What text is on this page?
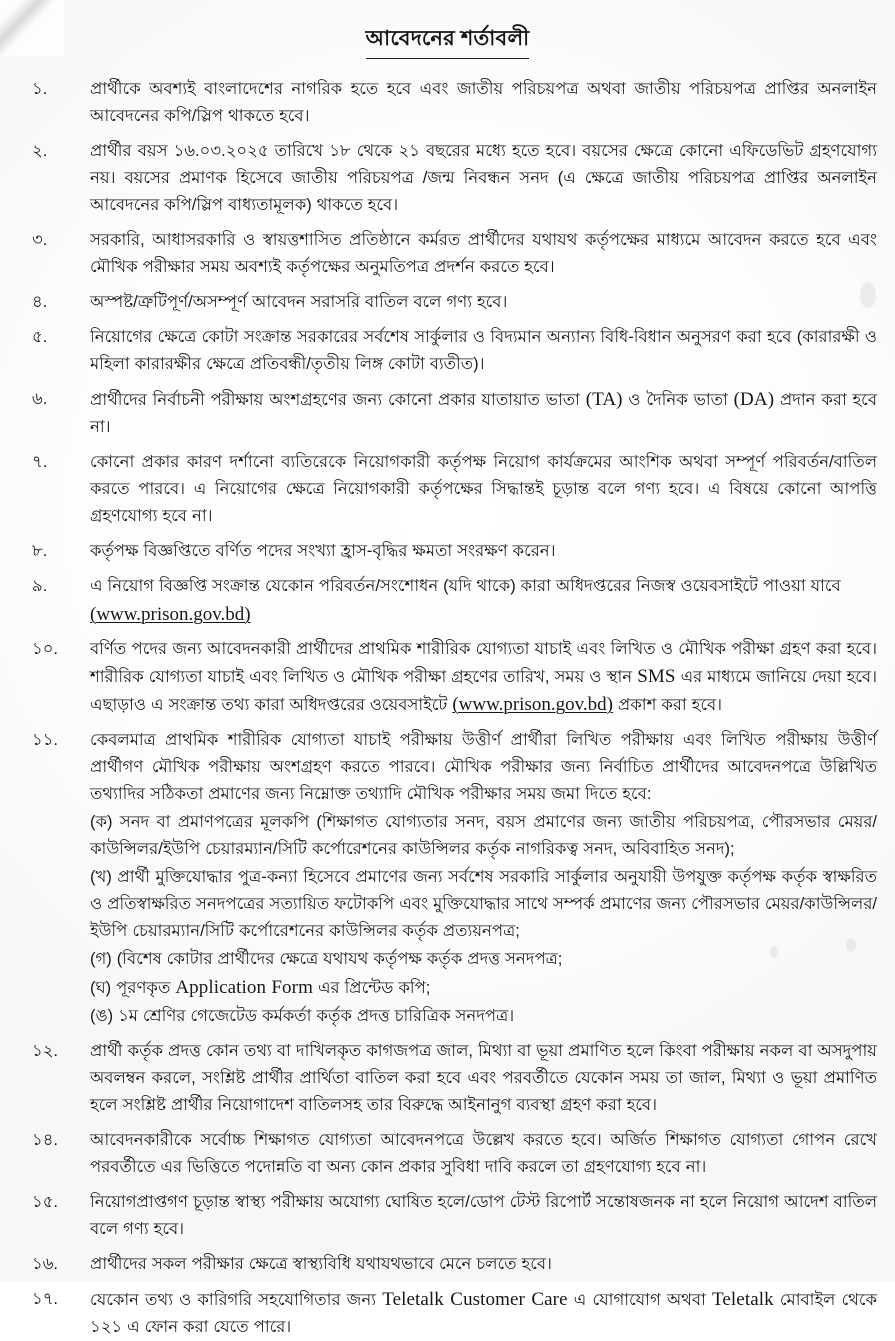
আবেদনের শর্তাবলী
১.	প্রার্থীকে অবশ্যই বাংলাদেশের নাগরিক হতে হবে এবং জাতীয় পরিচয়পত্র অথবা জাতীয় পরিচয়পত্র প্রাপ্তির অনলাইন আবেদনের কপি/স্লিপ থাকতে হবে।

২.	প্রার্থীর বয়স ১৬.০৩.২০২৫ তারিখে ১৮ থেকে ২১ বছরের মধ্যে হতে হবে। বয়সের ক্ষেত্রে কোনো এফিডেভিট গ্রহণযোগ্য নয়। বয়সের প্রমাণক হিসেবে জাতীয় পরিচয়পত্র /জন্ম নিবন্ধন সনদ (এ ক্ষেত্রে জাতীয় পরিচয়পত্র প্রাপ্তির অনলাইন আবেদনের কপি/স্লিপ বাধ্যতামূলক) থাকতে হবে।

৩.	সরকারি, আধাসরকারি ও স্বায়ত্তশাসিত প্রতিষ্ঠানে কর্মরত প্রার্থীদের যথাযথ কর্তৃপক্ষের মাধ্যমে আবেদন করতে হবে এবং মৌখিক পরীক্ষার সময় অবশ্যই কর্তৃপক্ষের অনুমতিপত্র প্রদর্শন করতে হবে।

৪.	অস্পষ্ট/ত্রুটিপূর্ণ/অসম্পূর্ণ আবেদন সরাসরি বাতিল বলে গণ্য হবে।

৫.	নিয়োগের ক্ষেত্রে কোটা সংক্রান্ত সরকারের সর্বশেষ সার্কুলার ও বিদ্যমান অন্যান্য বিধি-বিধান অনুসরণ করা হবে (কারারক্ষী ও মহিলা কারারক্ষীর ক্ষেত্রে প্রতিবন্ধী/তৃতীয় লিঙ্গ কোটা ব্যতীত)।

৬.	প্রার্থীদের নির্বাচনী পরীক্ষায় অংশগ্রহণের জন্য কোনো প্রকার যাতায়াত ভাতা (TA) ও দৈনিক ভাতা (DA) প্রদান করা হবে না।

৭.	কোনো প্রকার কারণ দর্শানো ব্যতিরেকে নিয়োগকারী কর্তৃপক্ষ নিয়োগ কার্যক্রমের আংশিক অথবা সম্পূর্ণ পরিবর্তন/বাতিল করতে পারবে। এ নিয়োগের ক্ষেত্রে নিয়োগকারী কর্তৃপক্ষের সিদ্ধান্তই চূড়ান্ত বলে গণ্য হবে। এ বিষয়ে কোনো আপত্তি গ্রহণযোগ্য হবে না।

৮.	কর্তৃপক্ষ বিজ্ঞপ্তিতে বর্ণিত পদের সংখ্যা হ্রাস-বৃদ্ধির ক্ষমতা সংরক্ষণ করেন।

৯.	এ নিয়োগ বিজ্ঞপ্তি সংক্রান্ত যেকোন পরিবর্তন/সংশোধন (যদি থাকে) কারা অধিদপ্তরের নিজস্ব ওয়েবসাইটে পাওয়া যাবে
(www.prison.gov.bd)

১০.	বর্ণিত পদের জন্য আবেদনকারী প্রার্থীদের প্রাথমিক শারীরিক যোগ্যতা যাচাই এবং লিখিত ও মৌখিক পরীক্ষা গ্রহণ করা হবে। শারীরিক যোগ্যতা যাচাই এবং লিখিত ও মৌখিক পরীক্ষা গ্রহণের তারিখ, সময় ও স্থান SMS এর মাধ্যমে জানিয়ে দেয়া হবে। এছাড়াও এ সংক্রান্ত তথ্য কারা অধিদপ্তরের ওয়েবসাইটে (www.prison.gov.bd) প্রকাশ করা হবে।

১১.	কেবলমাত্র প্রাথমিক শারীরিক যোগ্যতা যাচাই পরীক্ষায় উত্তীর্ণ প্রার্থীরা লিখিত পরীক্ষায় এবং লিখিত পরীক্ষায় উত্তীর্ণ প্রার্থীগণ মৌখিক পরীক্ষায় অংশগ্রহণ করতে পারবে। মৌখিক পরীক্ষার জন্য নির্বাচিত প্রার্থীদের আবেদনপত্রে উল্লিখিত তথ্যাদির সঠিকতা প্রমাণের জন্য নিম্নোক্ত তথ্যাদি মৌখিক পরীক্ষার সময় জমা দিতে হবে:

(ক) সনদ বা প্রমাণপত্রের মূলকপি (শিক্ষাগত যোগ্যতার সনদ, বয়স প্রমাণের জন্য জাতীয় পরিচয়পত্র, পৌরসভার মেয়র/কাউন্সিলর/ইউপি চেয়ারম্যান/সিটি কর্পোরেশনের কাউন্সিলর কর্তৃক নাগরিকত্ব সনদ, অবিবাহিত সনদ);

(খ) প্রার্থী মুক্তিযোদ্ধার পুত্র-কন্যা হিসেবে প্রমাণের জন্য সর্বশেষ সরকারি সার্কুলার অনুযায়ী উপযুক্ত কর্তৃপক্ষ কর্তৃক স্বাক্ষরিত ও প্রতিস্বাক্ষরিত সনদপত্রের সত্যায়িত ফটোকপি এবং মুক্তিযোদ্ধার সাথে সম্পর্ক প্রমাণের জন্য পৌরসভার মেয়র/কাউন্সিলর/ইউপি চেয়ারম্যান/সিটি কর্পোরেশনের কাউন্সিলর কর্তৃক প্রত্যয়নপত্র;

(গ) (বিশেষ কোটার প্রার্থীদের ক্ষেত্রে যথাযথ কর্তৃপক্ষ কর্তৃক প্রদত্ত সনদপত্র;

(ঘ) পূরণকৃত Application Form এর প্রিন্টেড কপি;

(ঙ) ১ম শ্রেণির গেজেটেড কর্মকর্তা কর্তৃক প্রদত্ত চারিত্রিক সনদপত্র।

১২.	প্রার্থী কর্তৃক প্রদত্ত কোন তথ্য বা দাখিলকৃত কাগজপত্র জাল, মিথ্যা বা ভূয়া প্রমাণিত হলে কিংবা পরীক্ষায় নকল বা অসদুপায় অবলম্বন করলে, সংশ্লিষ্ট প্রার্থীর প্রার্থিতা বাতিল করা হবে এবং পরবর্তীতে যেকোন সময় তা জাল, মিথ্যা ও ভূয়া প্রমাণিত হলে সংশ্লিষ্ট প্রার্থীর নিয়োগাদেশ বাতিলসহ তার বিরুদ্ধে আইনানুগ ব্যবস্থা গ্রহণ করা হবে।

১৪.	আবেদনকারীকে সর্বোচ্চ শিক্ষাগত যোগ্যতা আবেদনপত্রে উল্লেখ করতে হবে। অর্জিত শিক্ষাগত যোগ্যতা গোপন রেখে পরবর্তীতে এর ভিত্তিতে পদোন্নতি বা অন্য কোন প্রকার সুবিধা দাবি করলে তা গ্রহণযোগ্য হবে না।

১৫.	নিয়োগপ্রাপ্তগণ চূড়ান্ত স্বাস্থ্য পরীক্ষায় অযোগ্য ঘোষিত হলে/ডোপ টেস্ট রিপোর্ট সন্তোষজনক না হলে নিয়োগ আদেশ বাতিল বলে গণ্য হবে।

১৬.	প্রার্থীদের সকল পরীক্ষার ক্ষেত্রে স্বাস্থ্যবিধি যথাযথভাবে মেনে চলতে হবে।

১৭.	যেকোন তথ্য ও কারিগরি সহযোগিতার জন্য Teletalk Customer Care এ যোগাযোগ অথবা Teletalk মোবাইল থেকে ১২১ এ ফোন করা যেতে পারে।
